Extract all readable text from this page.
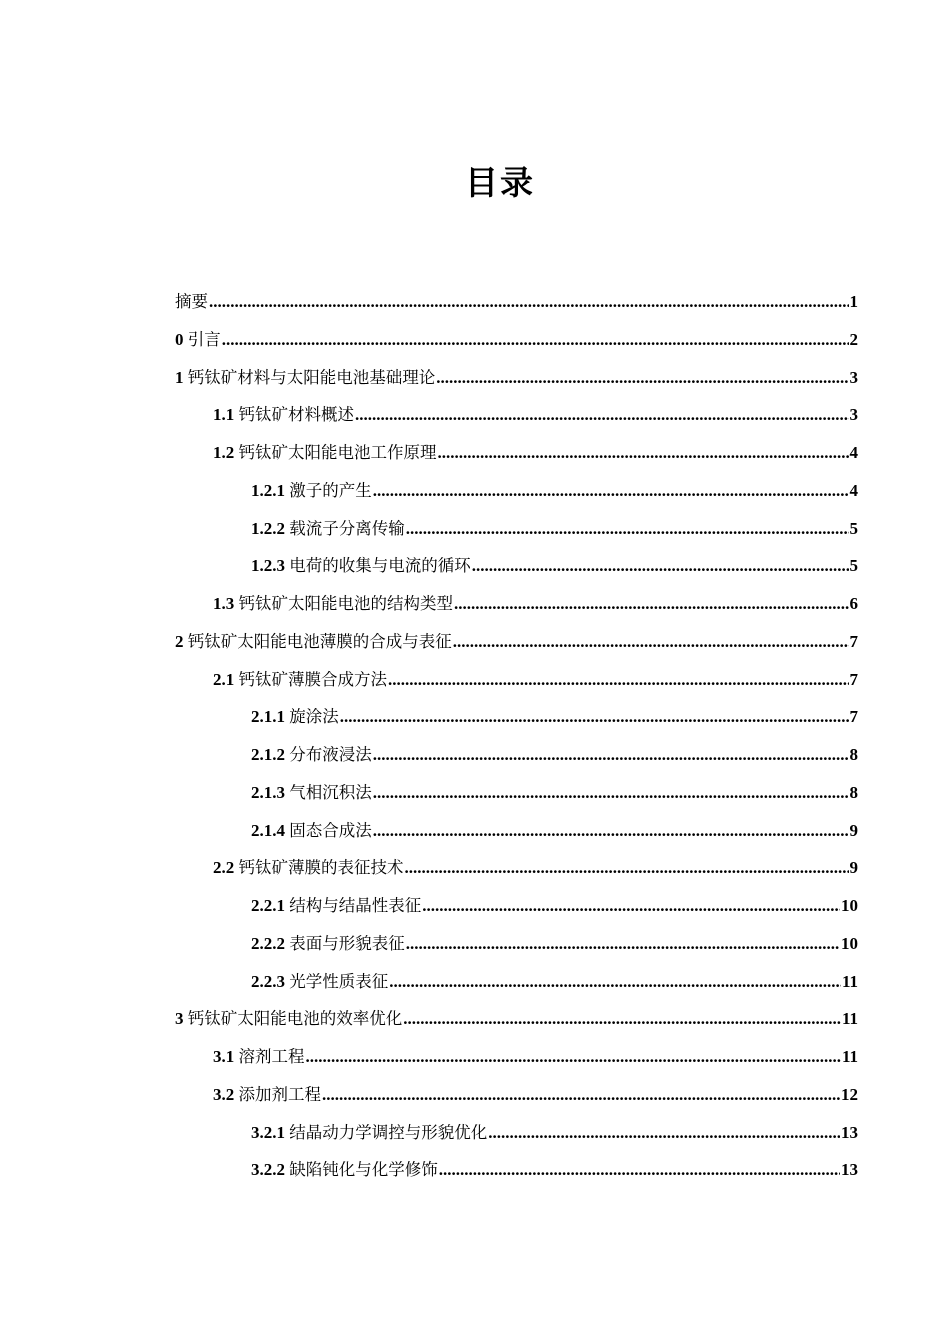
目录
摘要 .....	1
0 引言 .....	2
1 钙钛矿材料与太阳能电池基础理论 .....	3
1.1 钙钛矿材料概述 .....	3
1.2 钙钛矿太阳能电池工作原理 .....	4
1.2.1 激子的产生 .....	4
1.2.2 载流子分离传输 .....	5
1.2.3 电荷的收集与电流的循环 .....	5
1.3 钙钛矿太阳能电池的结构类型 .....	6
2 钙钛矿太阳能电池薄膜的合成与表征 .....	7
2.1 钙钛矿薄膜合成方法 .....	7
2.1.1 旋涂法 .....	7
2.1.2 分布液浸法 .....	8
2.1.3 气相沉积法 .....	8
2.1.4 固态合成法 .....	9
2.2 钙钛矿薄膜的表征技术 .....	9
2.2.1 结构与结晶性表征 .....	10
2.2.2 表面与形貌表征 .....	10
2.2.3 光学性质表征 .....	11
3 钙钛矿太阳能电池的效率优化 .....	11
3.1 溶剂工程 .....	11
3.2 添加剂工程 .....	12
3.2.1 结晶动力学调控与形貌优化 .....	13
3.2.2 缺陷钝化与化学修饰 .....	13
